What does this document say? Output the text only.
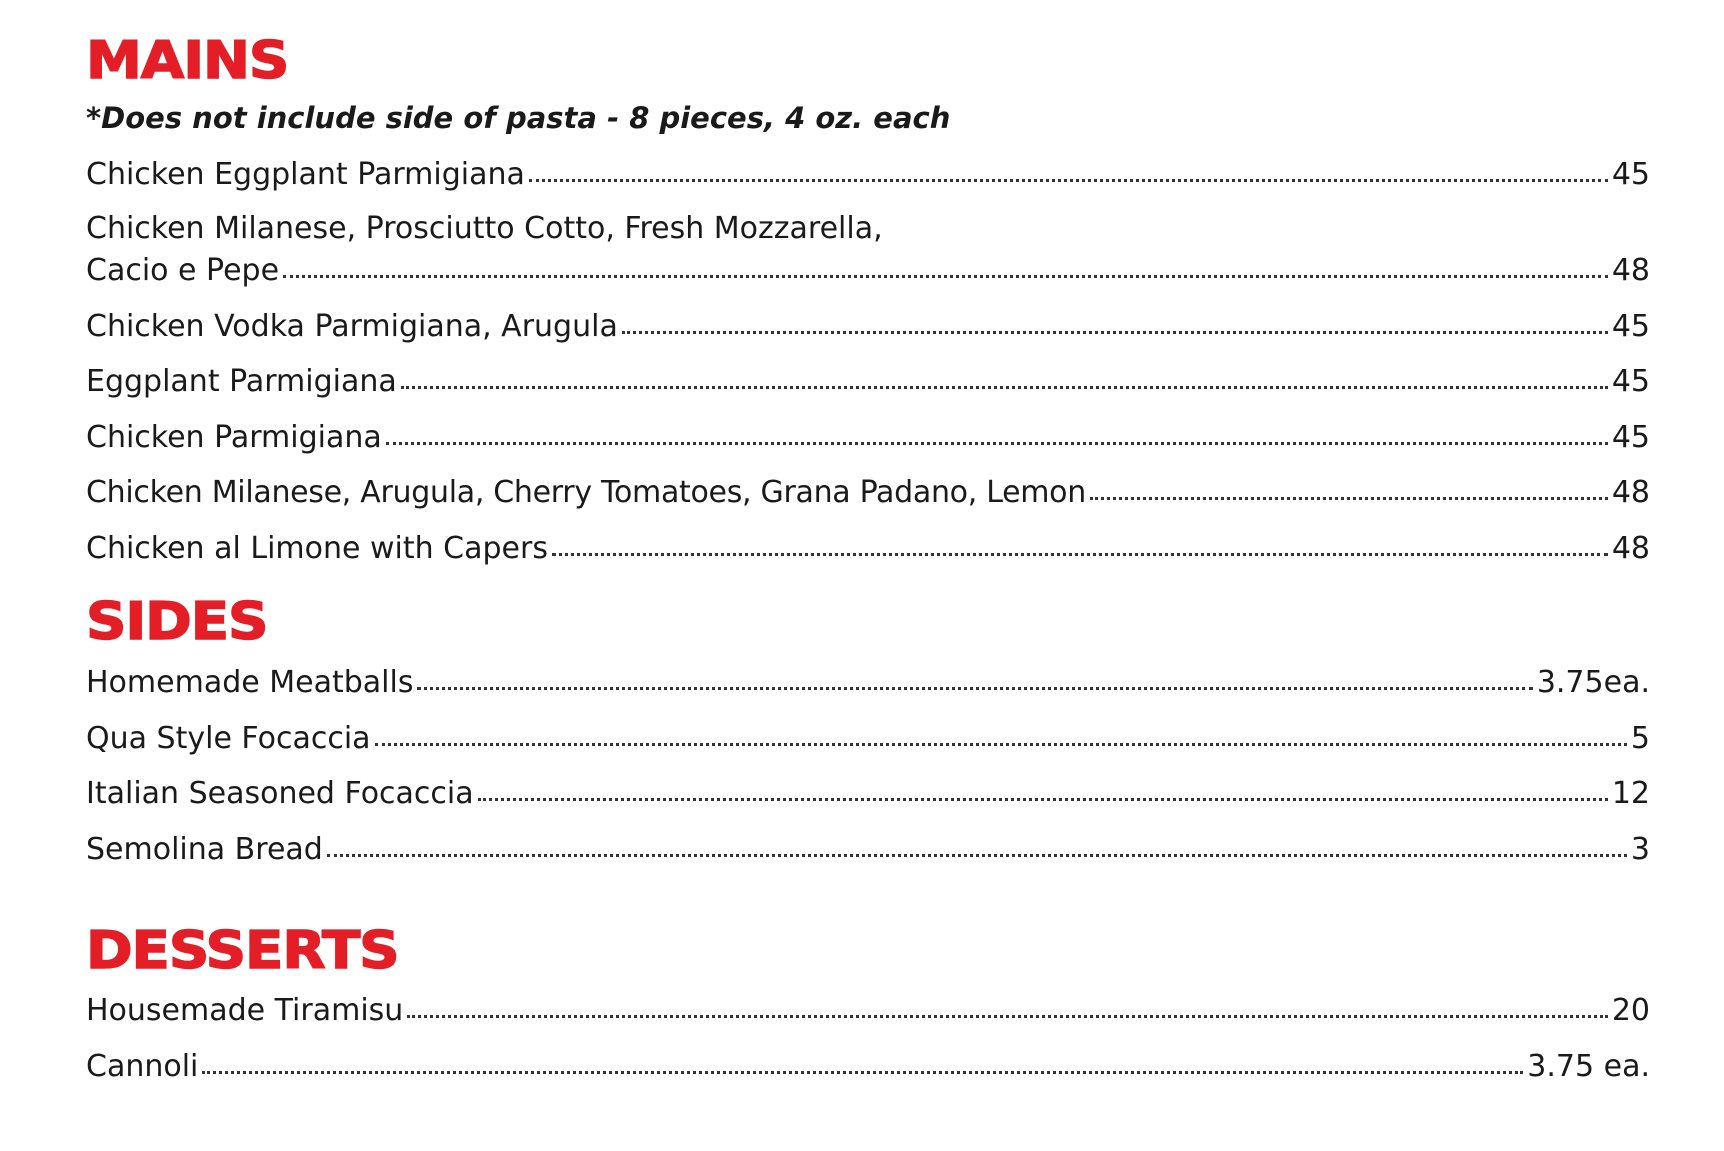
MAINS
*Does not include side of pasta - 8 pieces, 4 oz. each
Chicken Eggplant Parmigiana	45
Chicken Milanese, Prosciutto Cotto, Fresh Mozzarella,
Cacio e Pepe	48
Chicken Vodka Parmigiana, Arugula	45
Eggplant Parmigiana	45
Chicken Parmigiana	45
Chicken Milanese, Arugula, Cherry Tomatoes, Grana Padano, Lemon	48
Chicken al Limone with Capers	48
SIDES
Homemade Meatballs	3.75ea.
Qua Style Focaccia	5
Italian Seasoned Focaccia	12
Semolina Bread	3
DESSERTS
Housemade Tiramisu	20
Cannoli	3.75 ea.
